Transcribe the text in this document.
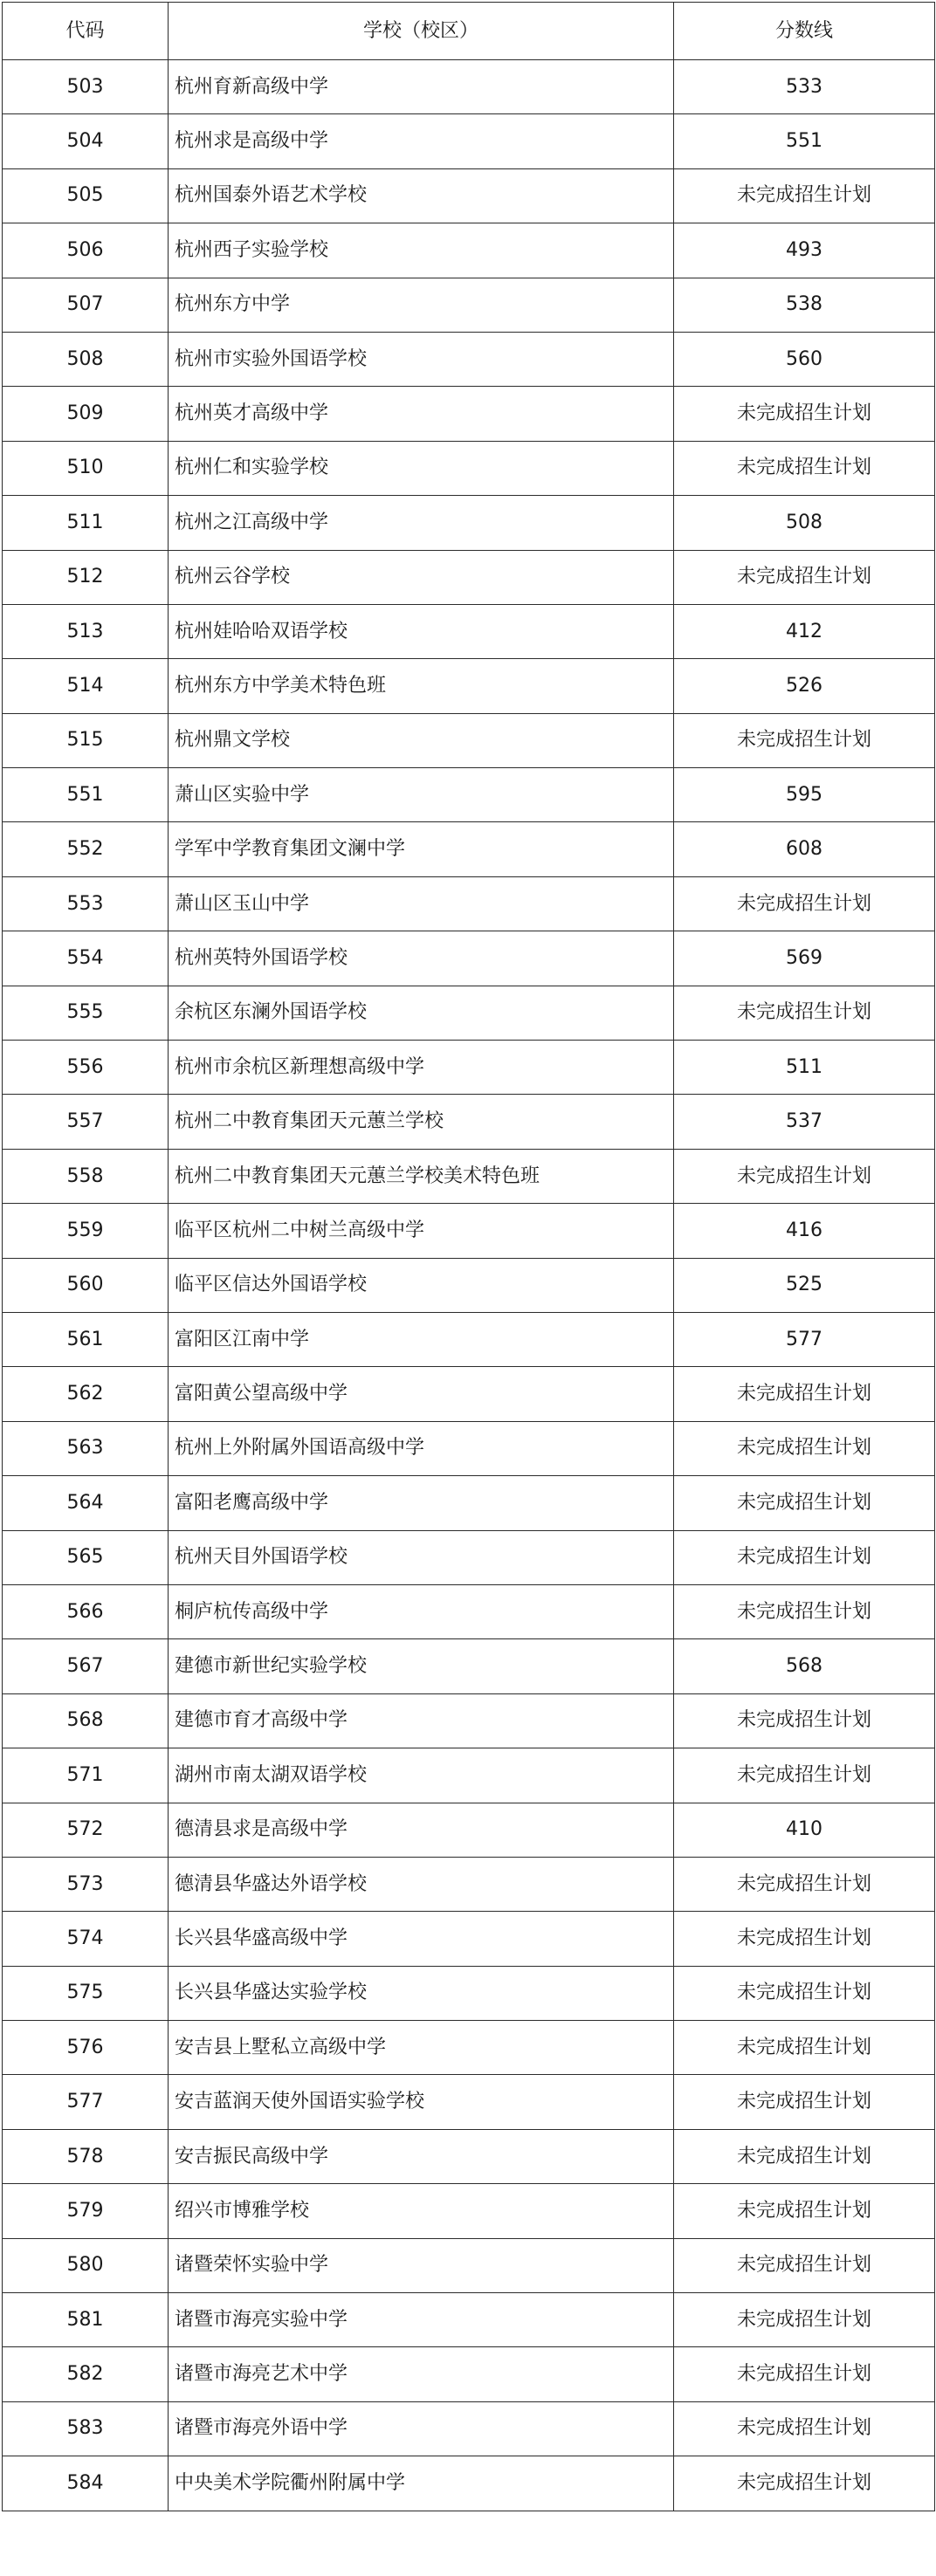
代码	学校（校区）	分数线
503	杭州育新高级中学	533
504	杭州求是高级中学	551
505	杭州国泰外语艺术学校	未完成招生计划
506	杭州西子实验学校	493
507	杭州东方中学	538
508	杭州市实验外国语学校	560
509	杭州英才高级中学	未完成招生计划
510	杭州仁和实验学校	未完成招生计划
511	杭州之江高级中学	508
512	杭州云谷学校	未完成招生计划
513	杭州娃哈哈双语学校	412
514	杭州东方中学美术特色班	526
515	杭州鼎文学校	未完成招生计划
551	萧山区实验中学	595
552	学军中学教育集团文澜中学	608
553	萧山区玉山中学	未完成招生计划
554	杭州英特外国语学校	569
555	余杭区东澜外国语学校	未完成招生计划
556	杭州市余杭区新理想高级中学	511
557	杭州二中教育集团天元蕙兰学校	537
558	杭州二中教育集团天元蕙兰学校美术特色班	未完成招生计划
559	临平区杭州二中树兰高级中学	416
560	临平区信达外国语学校	525
561	富阳区江南中学	577
562	富阳黄公望高级中学	未完成招生计划
563	杭州上外附属外国语高级中学	未完成招生计划
564	富阳老鹰高级中学	未完成招生计划
565	杭州天目外国语学校	未完成招生计划
566	桐庐杭传高级中学	未完成招生计划
567	建德市新世纪实验学校	568
568	建德市育才高级中学	未完成招生计划
571	湖州市南太湖双语学校	未完成招生计划
572	德清县求是高级中学	410
573	德清县华盛达外语学校	未完成招生计划
574	长兴县华盛高级中学	未完成招生计划
575	长兴县华盛达实验学校	未完成招生计划
576	安吉县上墅私立高级中学	未完成招生计划
577	安吉蓝润天使外国语实验学校	未完成招生计划
578	安吉振民高级中学	未完成招生计划
579	绍兴市博雅学校	未完成招生计划
580	诸暨荣怀实验中学	未完成招生计划
581	诸暨市海亮实验中学	未完成招生计划
582	诸暨市海亮艺术中学	未完成招生计划
583	诸暨市海亮外语中学	未完成招生计划
584	中央美术学院衢州附属中学	未完成招生计划
